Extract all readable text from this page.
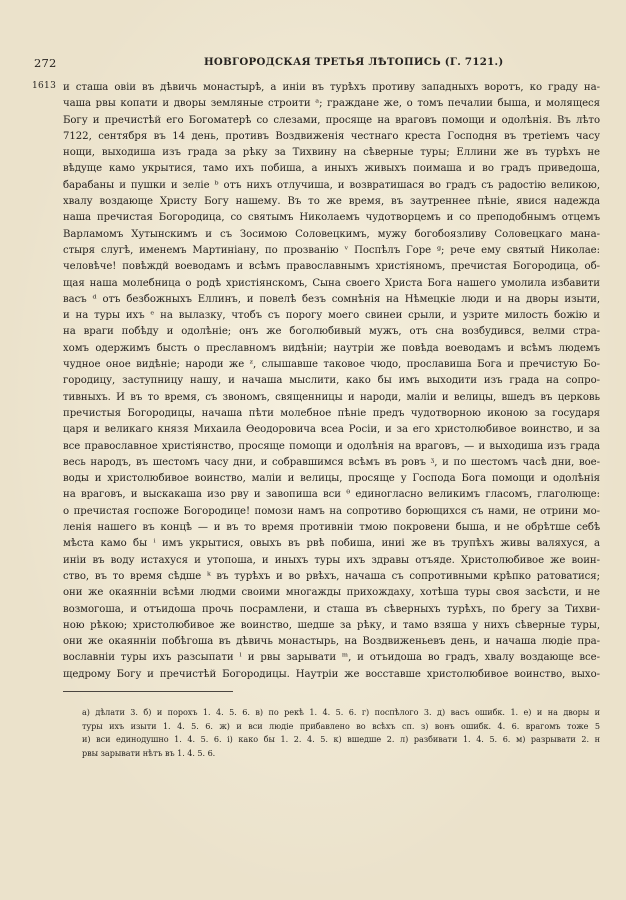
272	НОВГОРОДСКАЯ ТРЕТЬЯ ЛѢТОПИСЬ (Г. 7121.)
1613 и сташа овiи въ дѣвичь монастырѣ, а инiи въ турѣхъ противу западныхъ воротъ, ко граду на-
чаша рвы копати и дворы земляные строити ᵃ; граждане же, о томъ печалии быша, и молящеся
Богу и пречистѣй его Богоматерѣ со слезами, просяще на враговъ помощи и одолѣнiя. Въ лѣто
7122, сентября въ 14 день, противъ Воздвиженiя честнаго креста Господня въ третiемъ часу
нощи, выходиша изъ града за рѣку за Тихвину на сѣверные туры; Еллини же въ турѣхъ не
вѣдуще камо укрытися, тамо ихъ побиша, а иныхъ живыхъ поимаша и во градъ приведоша,
барабаны и пушки и зелiе ᵇ отъ нихъ отлучиша, и возвратишася во градъ съ радостiю великою,
хвалу воздающе Христу Богу нашему. Въ то же время, въ заутреннее пѣнiе, явися надежда
наша пречистая Богородица, со святымъ Николаемъ чудотворцемъ и со преподобнымъ отцемъ
Варламомъ Хутынскимъ и съ Зосимою Соловецкимъ, мужу богобоязливу Соловецкаго мана-
стыря слугѣ, именемъ Мартинiану, по прозванiю ᵛ Поспѣлъ Горе ᵍ; рече ему святый Николае:
человѣче! повѣждй воеводамъ и всѣмъ православнымъ христiяномъ, пречистая Богородица, об-
щая наша молебница о родѣ христiянскомъ, Сына своего Христа Бога нашего умолила избавити
васъ ᵈ отъ безбожныхъ Еллинъ, и повелѣ безъ сомнѣнiя на Нѣмецкiе люди и на дворы изыти,
и на туры ихъ ᵉ на вылазку, чтобъ съ порогу моего свинеи срыли, и узрите милость божiю и
на враги побѣду и одолѣнiе; онъ же боголюбивый мужъ, отъ сна возбудився, велми стра-
хомъ одержимъ бысть о преславномъ видѣнiи; наутрiи же повѣда воеводамъ и всѣмъ людемъ
чудное оное видѣнiе; народи же ᶻ, слышавше таковое чюдо, прославиша Бога и пречистую Бо-
городицу, заступницу нашу, и начаша мыслити, како бы имъ выходити изъ града на сопро-
тивныхъ. И въ то время, съ звономъ, священницы и народи, малiи и велицы, вшедъ въ церковь
пречистыя Богородицы, начаша пѣти молебное пѣнiе предъ чудотворною иконою за государя
царя и великаго князя Михаила Ѳеодоровича всеа Росiи, и за его христолюбивое воинство, и за
все православное христiянство, просяще помощи и одолѣнiя на враговъ, — и выходиша изъ града
весь народъ, въ шестомъ часу дни, и собравшимся всѣмъ въ ровъ ᶾ, и по шестомъ часѣ дни, вое-
воды и христолюбивое воинство, малiи и велицы, просяще у Господа Бога помощи и одолѣнiя
на враговъ, и выскакаша изо рву и завопиша вси ᶿ единогласно великимъ гласомъ, глаголюще:
о пречистая госпоже Богородице! помози намъ на сопротиво борющихся съ нами, не отрини мо-
ленiя нашего въ концѣ — и въ то время противнiи тмою покровени быша, и не обрѣтше себѣ
мѣста камо бы ⁱ имъ укрытися, овыхъ въ рвѣ побиша, иниi же въ трупѣхъ живы валяхуся, а
инiи въ воду истахуся и утопоша, и иныхъ туры ихъ здравы отъяде. Христолюбивое же воин-
ство, въ то время сѣдше ᵏ въ турѣхъ и во рвѣхъ, начаша съ сопротивными крѣпко ратоватися;
они же окаяннiи всѣми людми своими многажды прихождаху, хотѣша туры своя засѣсти, и не
возмогоша, и отъидоша прочь посрамлени, и сташа въ сѣверныхъ турѣхъ, по брегу за Тихви-
ною рѣкою; христолюбивое же воинство, шедше за рѣку, и тамо взяша у нихъ сѣверные туры,
они же окаяннiи побѣгоша въ дѣвичь монастырь, на Воздвиженьевъ день, и начаша людiе пра-
вославнiи туры ихъ разсыпати ˡ и рвы зарывати ᵐ, и отъидоша во градъ, хвалу воздающе все-
щедрому Богу и пречистѣй Богородицы. Наутрiи же восставше христолюбивое воинство, выхо-
а) дѣлати 3. б) и порохъ 1. 4. 5. 6. в) по рекѣ 1. 4. 5. 6. г) поспѣлого 3. д) васъ ошибк. 1. е) и на дворы и
туры ихъ изыти 1. 4. 5. 6. ж) и вси людiе прибавлено во всѣхъ сп. з) вонъ ошибк. 4. 6. врагомъ тоже 5
и) вси единодушно 1. 4. 5. 6. i) како бы 1. 2. 4. 5. к) вшедше 2. л) разбивати 1. 4. 5. 6. м) разрывати 2. н
рвы зарывати нѣтъ въ 1. 4. 5. 6.
